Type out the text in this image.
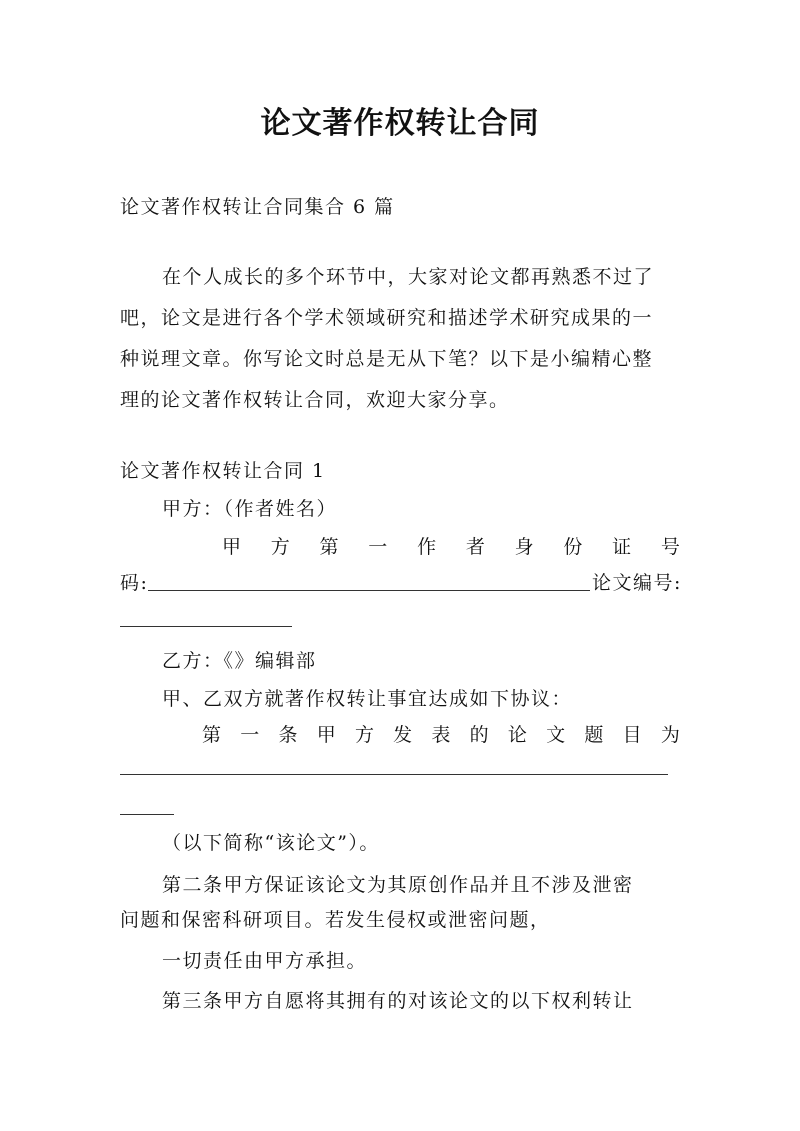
论文著作权转让合同
论文著作权转让合同集合 6 篇
在个人成长的多个环节中，大家对论文都再熟悉不过了
吧，论文是进行各个学术领域研究和描述学术研究成果的一
种说理文章。你写论文时总是无从下笔？以下是小编精心整
理的论文著作权转让合同，欢迎大家分享。
论文著作权转让合同 1
甲方：（作者姓名）
甲 方 第 一 作 者 身 份 证 号
码:	论文编号:
乙方：《》编辑部
甲、乙双方就著作权转让事宜达成如下协议：
第 一 条 甲 方 发 表 的 论 文 题 目 为
（以下简称“该论文”）。
第二条甲方保证该论文为其原创作品并且不涉及泄密
问题和保密科研项目。若发生侵权或泄密问题，
一切责任由甲方承担。
第三条甲方自愿将其拥有的对该论文的以下权利转让
